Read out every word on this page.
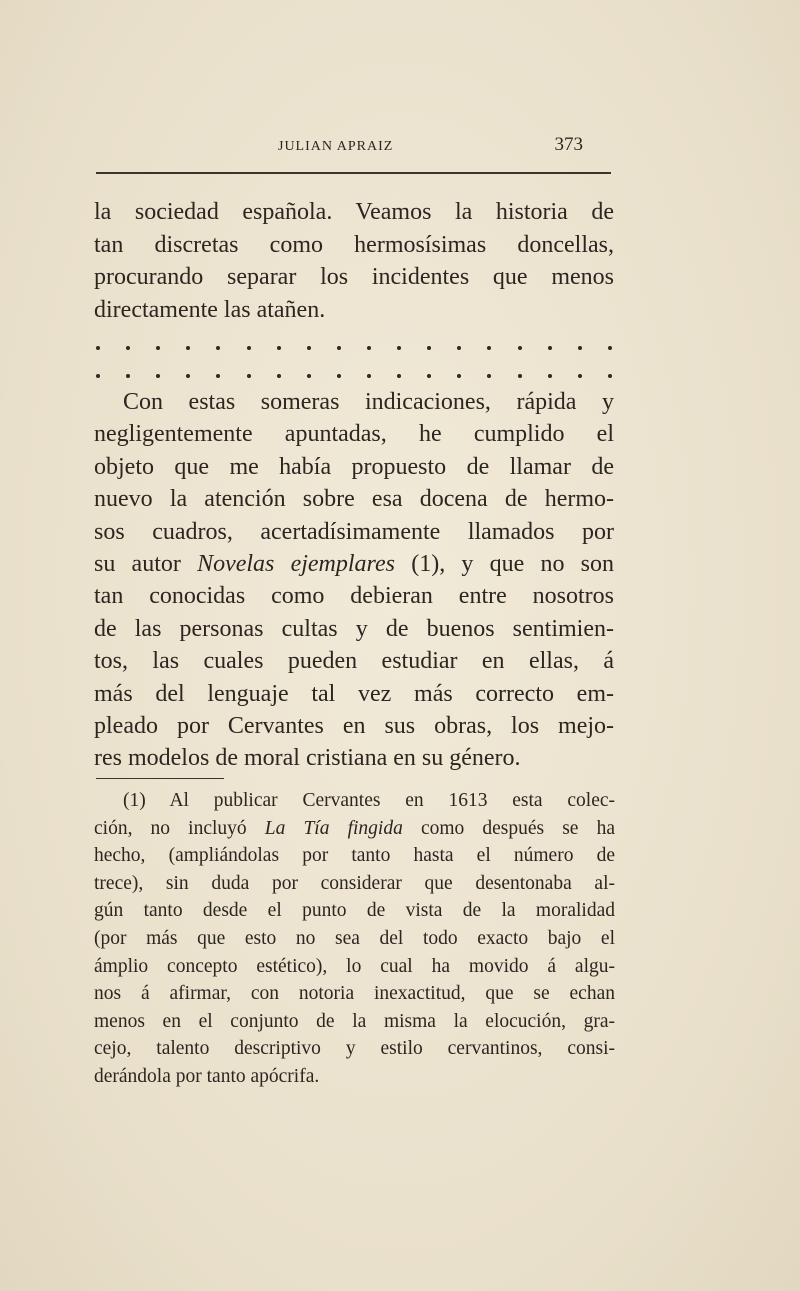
JULIAN APRAIZ	373
la sociedad española. Veamos la historia de
tan discretas como hermosísimas doncellas,
procurando separar los incidentes que menos
directamente las atañen.
Con estas someras indicaciones, rápida y
negligentemente apuntadas, he cumplido el
objeto que me había propuesto de llamar de
nuevo la atención sobre esa docena de hermo-
sos cuadros, acertadísimamente llamados por
su autor Novelas ejemplares (1), y que no son
tan conocidas como debieran entre nosotros
de las personas cultas y de buenos sentimien-
tos, las cuales pueden estudiar en ellas, á
más del lenguaje tal vez más correcto em-
pleado por Cervantes en sus obras, los mejo-
res modelos de moral cristiana en su género.
(1) Al publicar Cervantes en 1613 esta colec-
ción, no incluyó La Tía fingida como después se ha
hecho, (ampliándolas por tanto hasta el número de
trece), sin duda por considerar que desentonaba al-
gún tanto desde el punto de vista de la moralidad
(por más que esto no sea del todo exacto bajo el
ámplio concepto estético), lo cual ha movido á algu-
nos á afirmar, con notoria inexactitud, que se echan
menos en el conjunto de la misma la elocución, gra-
cejo, talento descriptivo y estilo cervantinos, consi-
derándola por tanto apócrifa.
